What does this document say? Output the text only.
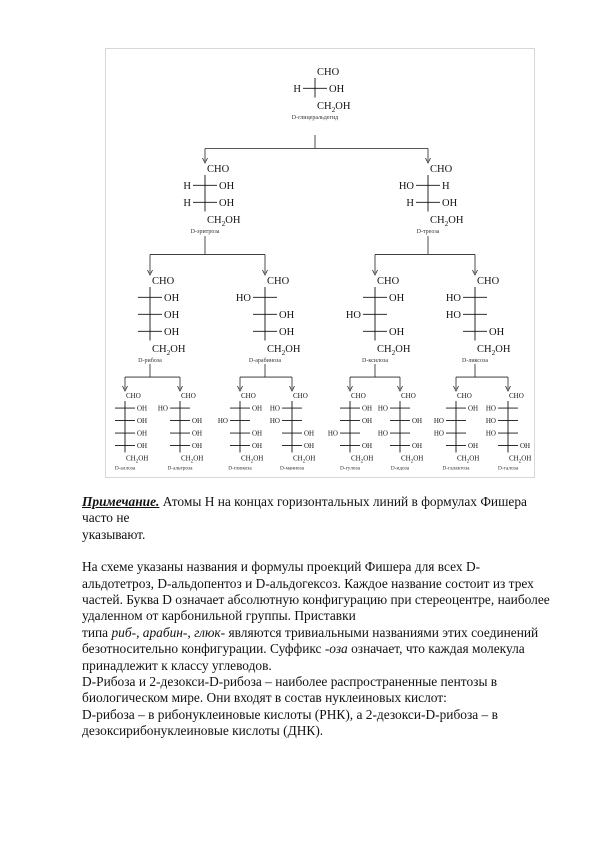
CHO
H	OH
$CH_2OH$
D-глицеральдегид
CHO
H	OH
H	OH
$CH_2OH$
D-эритроза
CHO
HO	H
H	OH
$CH_2OH$
D-треоза
CHO
OH
OH
OH
$CH_2OH$
D-рибоза
CHO
HO
OH
OH
$CH_2OH$
D-арабиноза
CHO
OH
HO
OH
$CH_2OH$
D-ксилоза
CHO
HO
HO
OH
$CH_2OH$
D-ликсоза
CHO
OH
OH
OH
OH
$CH_2OH$
D-аллоза
CHO
HO
OH
OH
OH
$CH_2OH$
D-альтроза
CHO
OH
HO
OH
OH
$CH_2OH$
D-глюкоза
CHO
HO
HO
OH
OH
$CH_2OH$
D-манноза
CHO
OH
OH
HO
OH
$CH_2OH$
D-гулоза
CHO
HO
OH
HO
OH
$CH_2OH$
D-идоза
CHO
OH
HO
HO
OH
$CH_2OH$
D-галактоза
CHO
HO
HO
HO
OH
$CH_2OH$
D-талоза

Примечание. Атомы H на концах горизонтальных линий в формулах Фишера часто не

указывают.

На схеме указаны названия и формулы проекций Фишера для всех D-альдотетроз, D-альдопентоз и D-альдогексоз. Каждое название состоит из трех частей. Буква D означает абсолютную конфигурацию при стереоцентре, наиболее удаленном от карбонильной группы. Приставки

типа риб-, арабин-, глюк- являются тривиальными названиями этих соединений безотносительно конфигурации. Суффикс -оза означает, что каждая молекула принадлежит к классу углеводов.

D-Рибоза и 2-дезокси-D-рибоза – наиболее распространенные пентозы в биологическом мире. Они входят в состав нуклеиновых кислот:

D-рибоза – в рибонуклеиновые кислоты (РНК), а 2-дезокси-D-рибоза – в дезоксирибонуклеиновые кислоты (ДНК).
